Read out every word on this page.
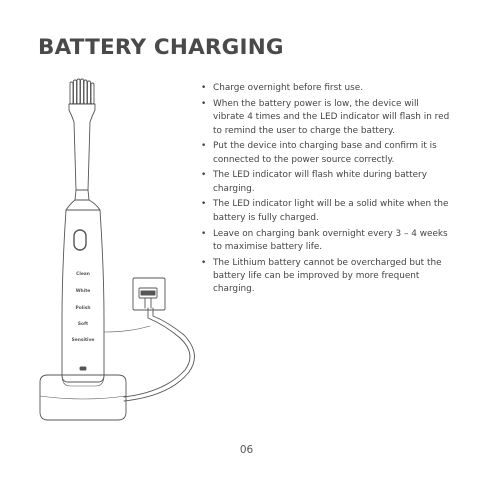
BATTERY CHARGING
Clean
White
Polish
Soft
Sensitive
• Charge overnight before first use.
• When the battery power is low, the device will vibrate 4 times and the LED indicator will flash in red to remind the user to charge the battery.
• Put the device into charging base and confirm it is connected to the power source correctly.
• The LED indicator will flash white during battery charging.
• The LED indicator light will be a solid white when the battery is fully charged.
• Leave on charging bank overnight every 3 – 4 weeks to maximise battery life.
• The Lithium battery cannot be overcharged but the battery life can be improved by more frequent charging.
06
